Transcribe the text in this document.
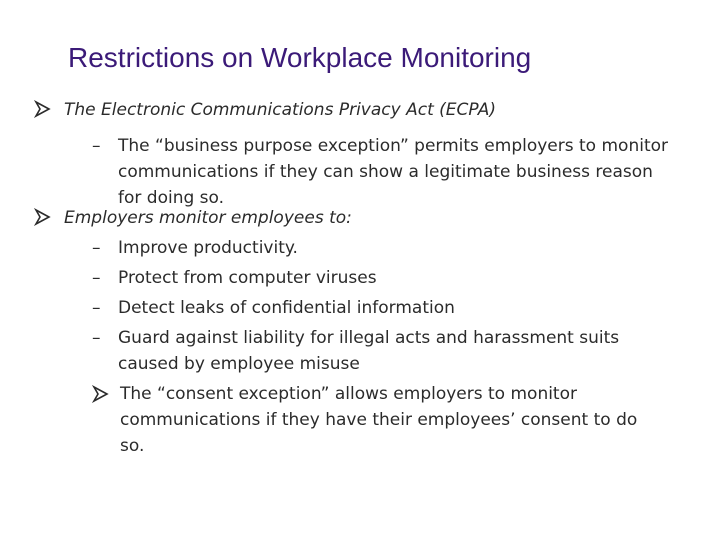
Restrictions on Workplace Monitoring
The Electronic Communications Privacy Act (ECPA)
–	The “business purpose exception” permits employers to monitor communications if they can show a legitimate business reason for doing so.
Employers monitor employees to:
–	Improve productivity.
–	Protect from computer viruses
–	Detect leaks of confidential information
–	Guard against liability for illegal acts and harassment suits caused by employee misuse
The “consent exception” allows employers to monitor communications if they have their employees’ consent to do so.
